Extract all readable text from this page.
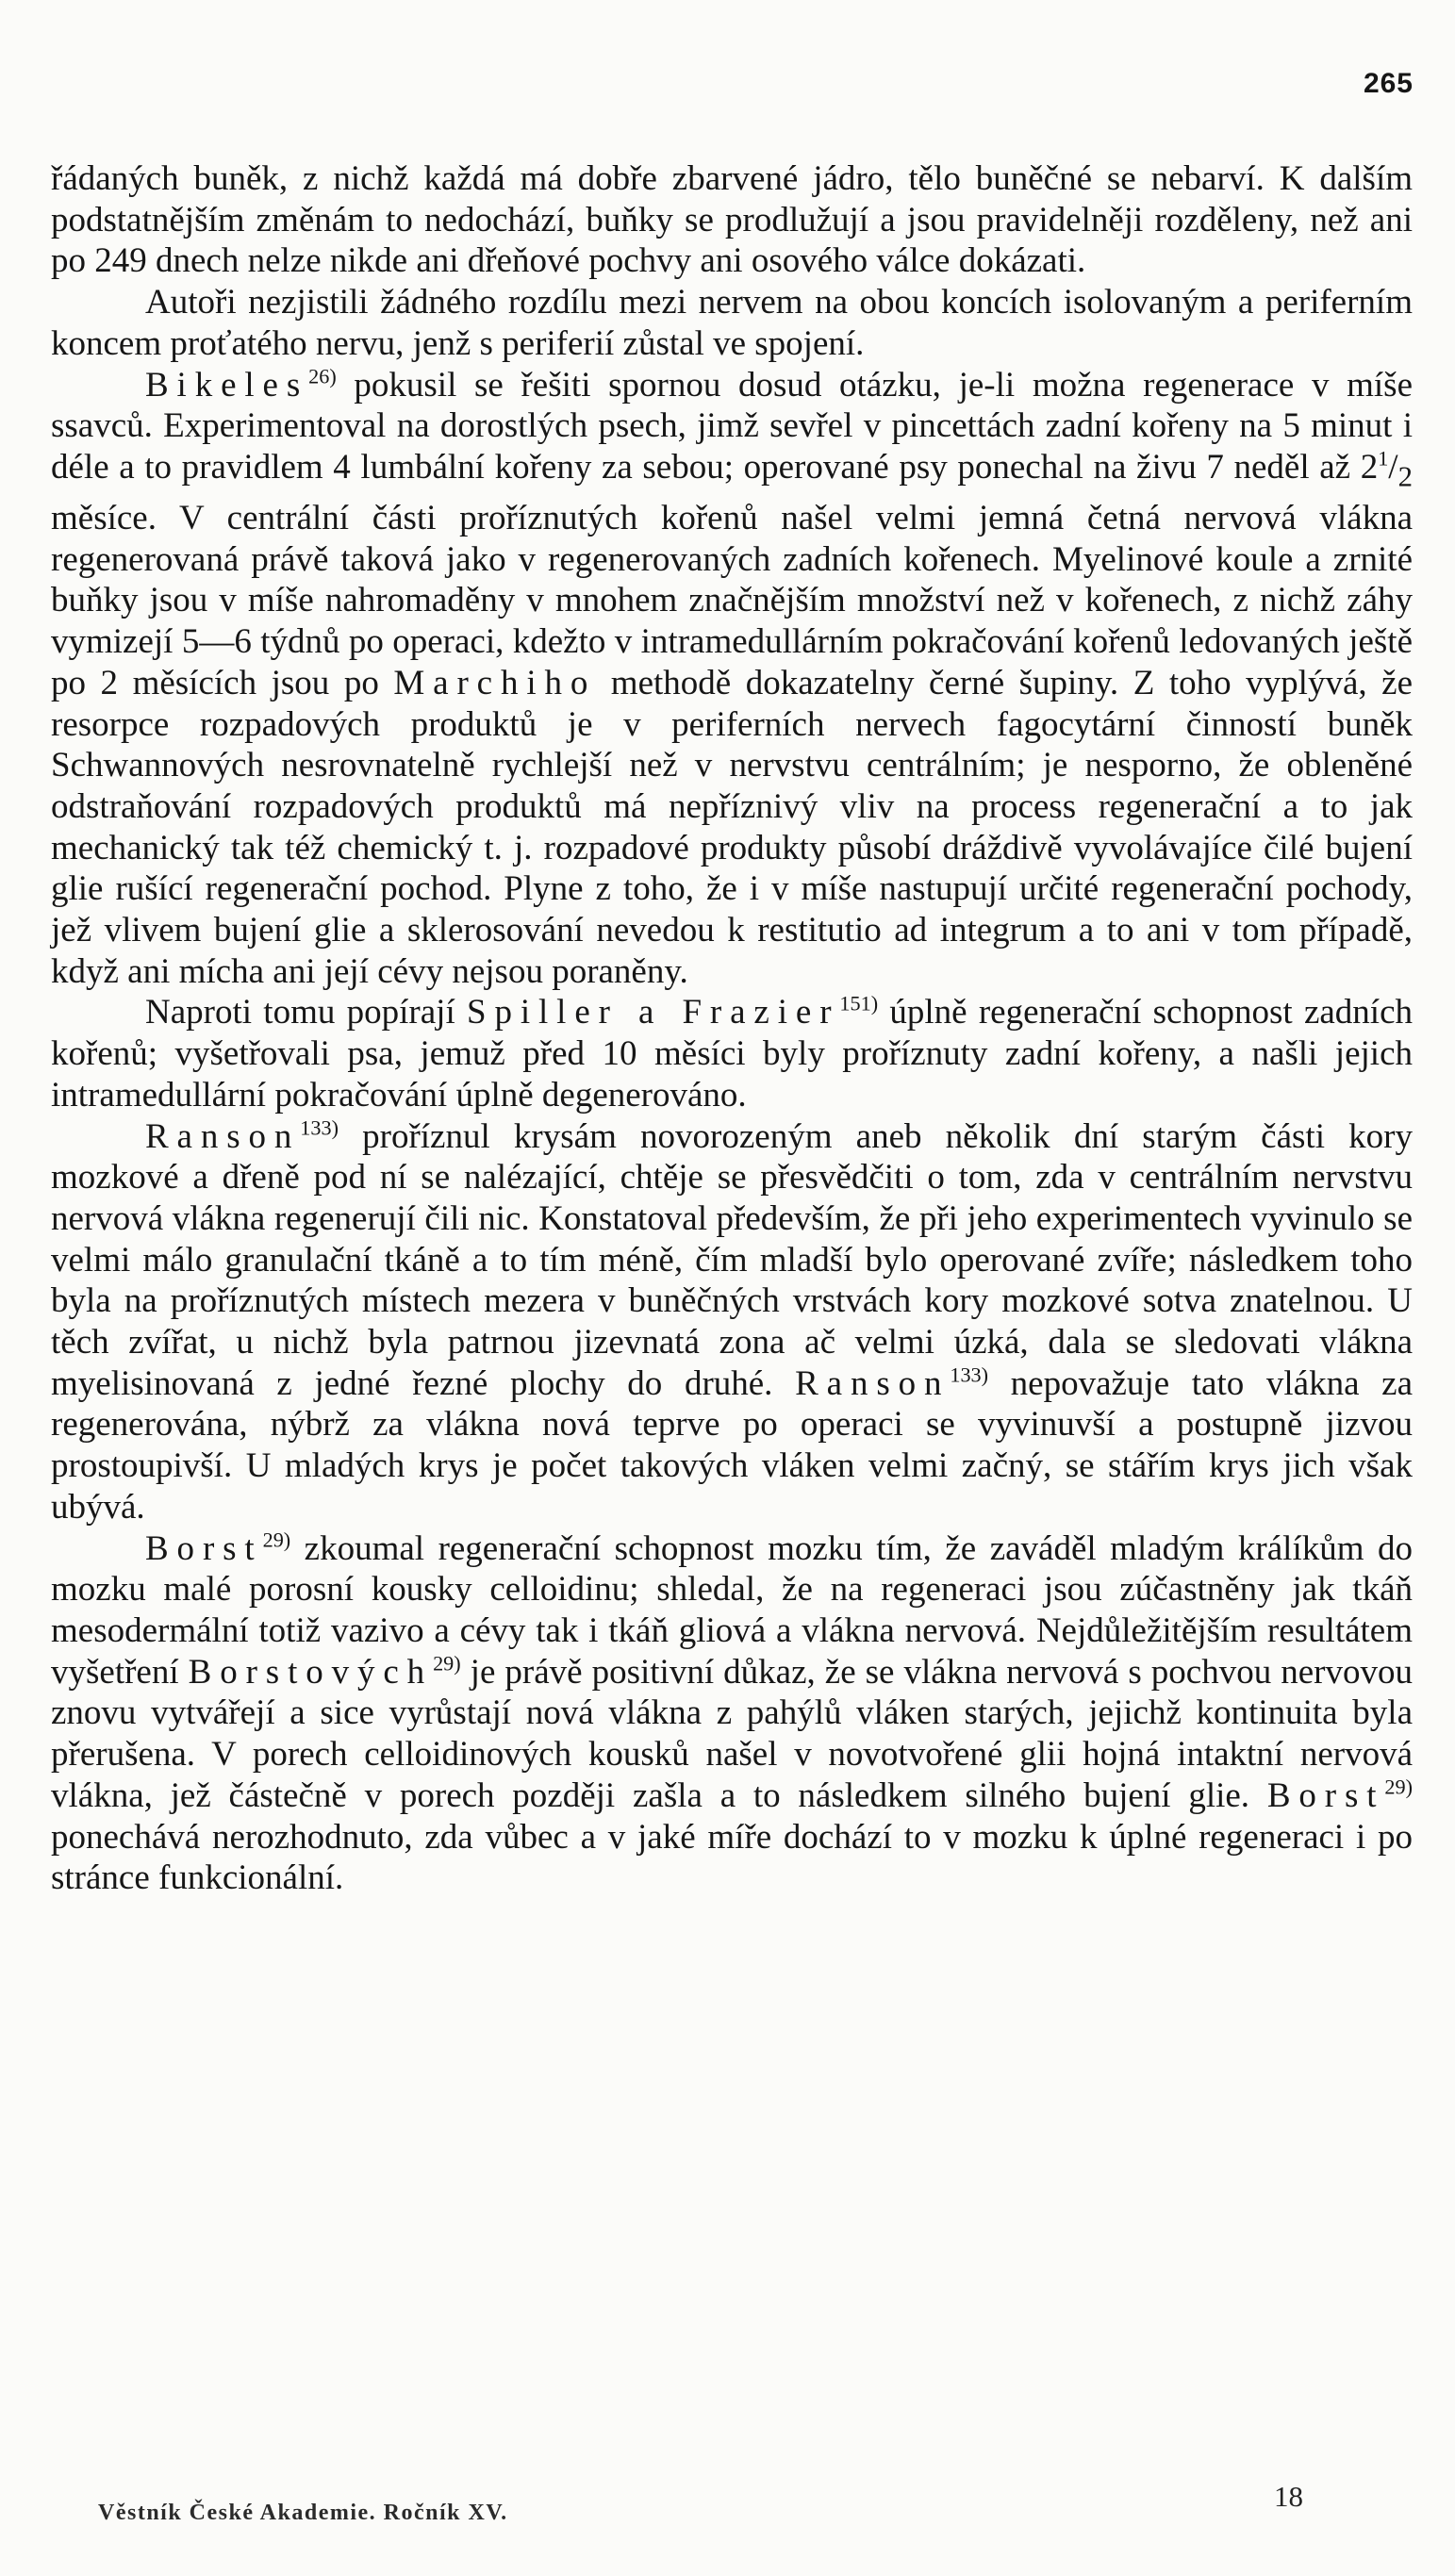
265

řádaných buněk, z nichž každá má dobře zbarvené jádro, tělo buněčné se nebarví. K dalším podstatnějším změnám to nedochází, buňky se prodlužují a jsou pravidelněji rozděleny, než ani po 249 dnech nelze nikde ani dřeňové pochvy ani osového válce dokázati.

Autoři nezjistili žádného rozdílu mezi nervem na obou koncích isolovaným a periferním koncem proťatého nervu, jenž s periferií zůstal ve spojení.

Bikeles$^{26)}$ pokusil se řešiti spornou dosud otázku, je-li možna regenerace v míše ssavců. Experimentoval na dorostlých psech, jimž sevřel v pincettách zadní kořeny na 5 minut i déle a to pravidlem 4 lumbální kořeny za sebou; operované psy ponechal na živu 7 neděl až $2^1/_2$ měsíce. V centrální části proříznutých kořenů našel velmi jemná četná nervová vlákna regenerovaná právě taková jako v regenerovaných zadních kořenech. Myelinové koule a zrnité buňky jsou v míše nahromaděny v mnohem značnějším množství než v kořenech, z nichž záhy vymizejí 5—6 týdnů po operaci, kdežto v intramedullárním pokračování kořenů ledovaných ještě po 2 měsících jsou po Marchiho methodě dokazatelny černé šupiny. Z toho vyplývá, že resorpce rozpadových produktů je v periferních nervech fagocytární činností buněk Schwannových nesrovnatelně rychlejší než v nervstvu centrálním; je nesporno, že obleněné odstraňování rozpadových produktů má nepříznivý vliv na process regenerační a to jak mechanický tak též chemický t. j. rozpadové produkty působí dráždivě vyvolávajíce čilé bujení glie rušící regenerační pochod. Plyne z toho, že i v míše nastupují určité regenerační pochody, jež vlivem bujení glie a sklerosování nevedou k restitutio ad integrum a to ani v tom případě, když ani mícha ani její cévy nejsou poraněny.

Naproti tomu popírají Spiller a Frazier$^{151)}$ úplně regenerační schopnost zadních kořenů; vyšetřovali psa, jemuž před 10 měsíci byly proříznuty zadní kořeny, a našli jejich intramedullární pokračování úplně degenerováno.

Ranson$^{133)}$ proříznul krysám novorozeným aneb několik dní starým části kory mozkové a dřeně pod ní se nalézající, chtěje se přesvědčiti o tom, zda v centrálním nervstvu nervová vlákna regenerují čili nic. Konstatoval především, že při jeho experimentech vyvinulo se velmi málo granulační tkáně a to tím méně, čím mladší bylo operované zvíře; následkem toho byla na proříznutých místech mezera v buněčných vrstvách kory mozkové sotva znatelnou. U těch zvířat, u nichž byla patrnou jizevnatá zona ač velmi úzká, dala se sledovati vlákna myelisinovaná z jedné řezné plochy do druhé. Ranson$^{133)}$ nepovažuje tato vlákna za regenerována, nýbrž za vlákna nová teprve po operaci se vyvinuvší a postupně jizvou prostoupivší. U mladých krys je počet takových vláken velmi začný, se stářím krys jich však ubývá.

Borst$^{29)}$ zkoumal regenerační schopnost mozku tím, že zaváděl mladým králíkům do mozku malé porosní kousky celloidinu; shledal, že na regeneraci jsou zúčastněny jak tkáň mesodermální totiž vazivo a cévy tak i tkáň gliová a vlákna nervová. Nejdůležitějším resultátem vyšetření Borstových$^{29)}$ je právě positivní důkaz, že se vlákna nervová s pochvou nervovou znovu vytvářejí a sice vyrůstají nová vlákna z pahýlů vláken starých, jejichž kontinuita byla přerušena. V porech celloidinových kousků našel v novotvořené glii hojná intaktní nervová vlákna, jež částečně v porech později zašla a to následkem silného bujení glie. Borst$^{29)}$ ponechává nerozhodnuto, zda vůbec a v jaké míře dochází to v mozku k úplné regeneraci i po stránce funkcionální.

Věstník České Akademie. Ročník XV.	18
